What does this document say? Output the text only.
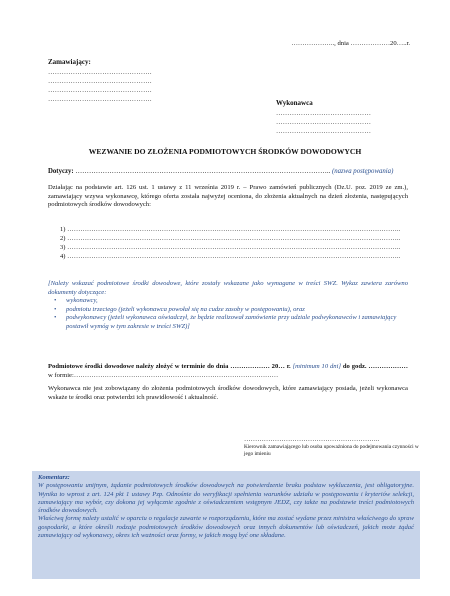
……………….., dnia ………………20…..r.
Zamawiający:
……………………………………….
……………………………………….
……………………………………….
……………………………………….	Wykonawca
……………………………………
……………………………………
……………………………………
WEZWANIE DO ZŁOŻENIA PODMIOTOWYCH ŚRODKÓW DOWODOWYCH
Dotyczy: ………………………………………………………………………………………………….. (nazwa postępowania)
Działając na podstawie art. 126 ust. 1 ustawy z 11 września 2019 r. – Prawo zamówień publicznych (Dz.U. poz. 2019 ze zm.), zamawiający wzywa wykonawcę, którego oferta została najwyżej oceniona, do złożenia aktualnych na dzień złożenia, następujących podmiotowych środków dowodowych:
1) ……………………………………………………………………………………………………………………………………..
2) ……………………………………………………………………………………………………………………………………..
3) ……………………………………………………………………………………………………………………………………..
4) ……………………………………………………………………………………………………………………………………..
[Należy wskazać podmiotowe środki dowodowe, które zostały wskazane jako wymagane w treści SWZ. Wykaz zawiera zarówno dokumenty dotyczące:
• wykonawcy,
• podmiotu trzeciego (jeżeli wykonawca powołał się na cudze zasoby w postępowaniu), oraz
• podwykonawcy (jeżeli wykonawca oświadczył, że będzie realizował zamówienie przy udziale podwykonawców i zamawiający postawił wymóg w tym zakresie w treści SWZ)]
Podmiotowe środki dowodowe należy złożyć w terminie do dnia ……………… 20… r. [minimum 10 dni] do godz. ……………… w formie:…………………………………………………………………………………
Wykonawca nie jest zobowiązany do złożenia podmiotowych środków dowodowych, które zamawiający posiada, jeżeli wykonawca wskaże te środki oraz potwierdzi ich prawidłowość i aktualność.
……………………………………………………..
Kierownik zamawiającego lub osoba upoważniona do podejmowania czynności w jego imieniu
Komentarz:
W postępowaniu unijnym, żądanie podmiotowych środków dowodowych na potwierdzenie braku podstaw wykluczenia, jest obligatoryjne. Wynika to wprost z art. 124 pkt 1 ustawy Pzp. Odnośnie do weryfikacji spełnienia warunków udziału w postępowaniu i kryteriów selekcji, zamawiający ma wybór, czy dokona jej wyłącznie zgodnie z oświadczeniem wstępnym JEDZ, czy także na podstawie treści podmiotowych środków dowodowych.
Właściwą formę należy ustalić w oparciu o regulacje zawarte w rozporządzeniu, które ma zostać wydane przez ministra właściwego do spraw gospodarki, a które określi rodzaje podmiotowych środków dowodowych oraz innych dokumentów lub oświadczeń, jakich może żądać zamawiający od wykonawcy, okres ich ważności oraz formy, w jakich mogą być one składane.
